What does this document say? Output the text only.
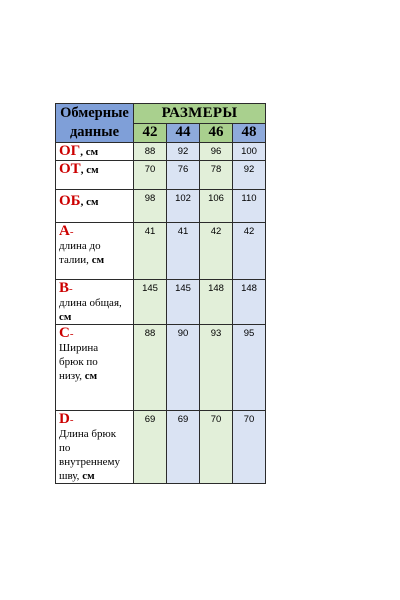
Обмерные
данные	РАЗМЕРЫ			
	42	44	46	48
ОГ, см	88	92	96	100
ОТ, см	70	76	78	92
ОБ, см	98	102	106	110
А-
длина до талии, см	41	41	42	42
В-
длина общая, см	145	145	148	148
С-
Ширина брюк по низу, см	88	90	93	95
D-
Длина брюк по внутреннему шву, см	69	69	70	70
